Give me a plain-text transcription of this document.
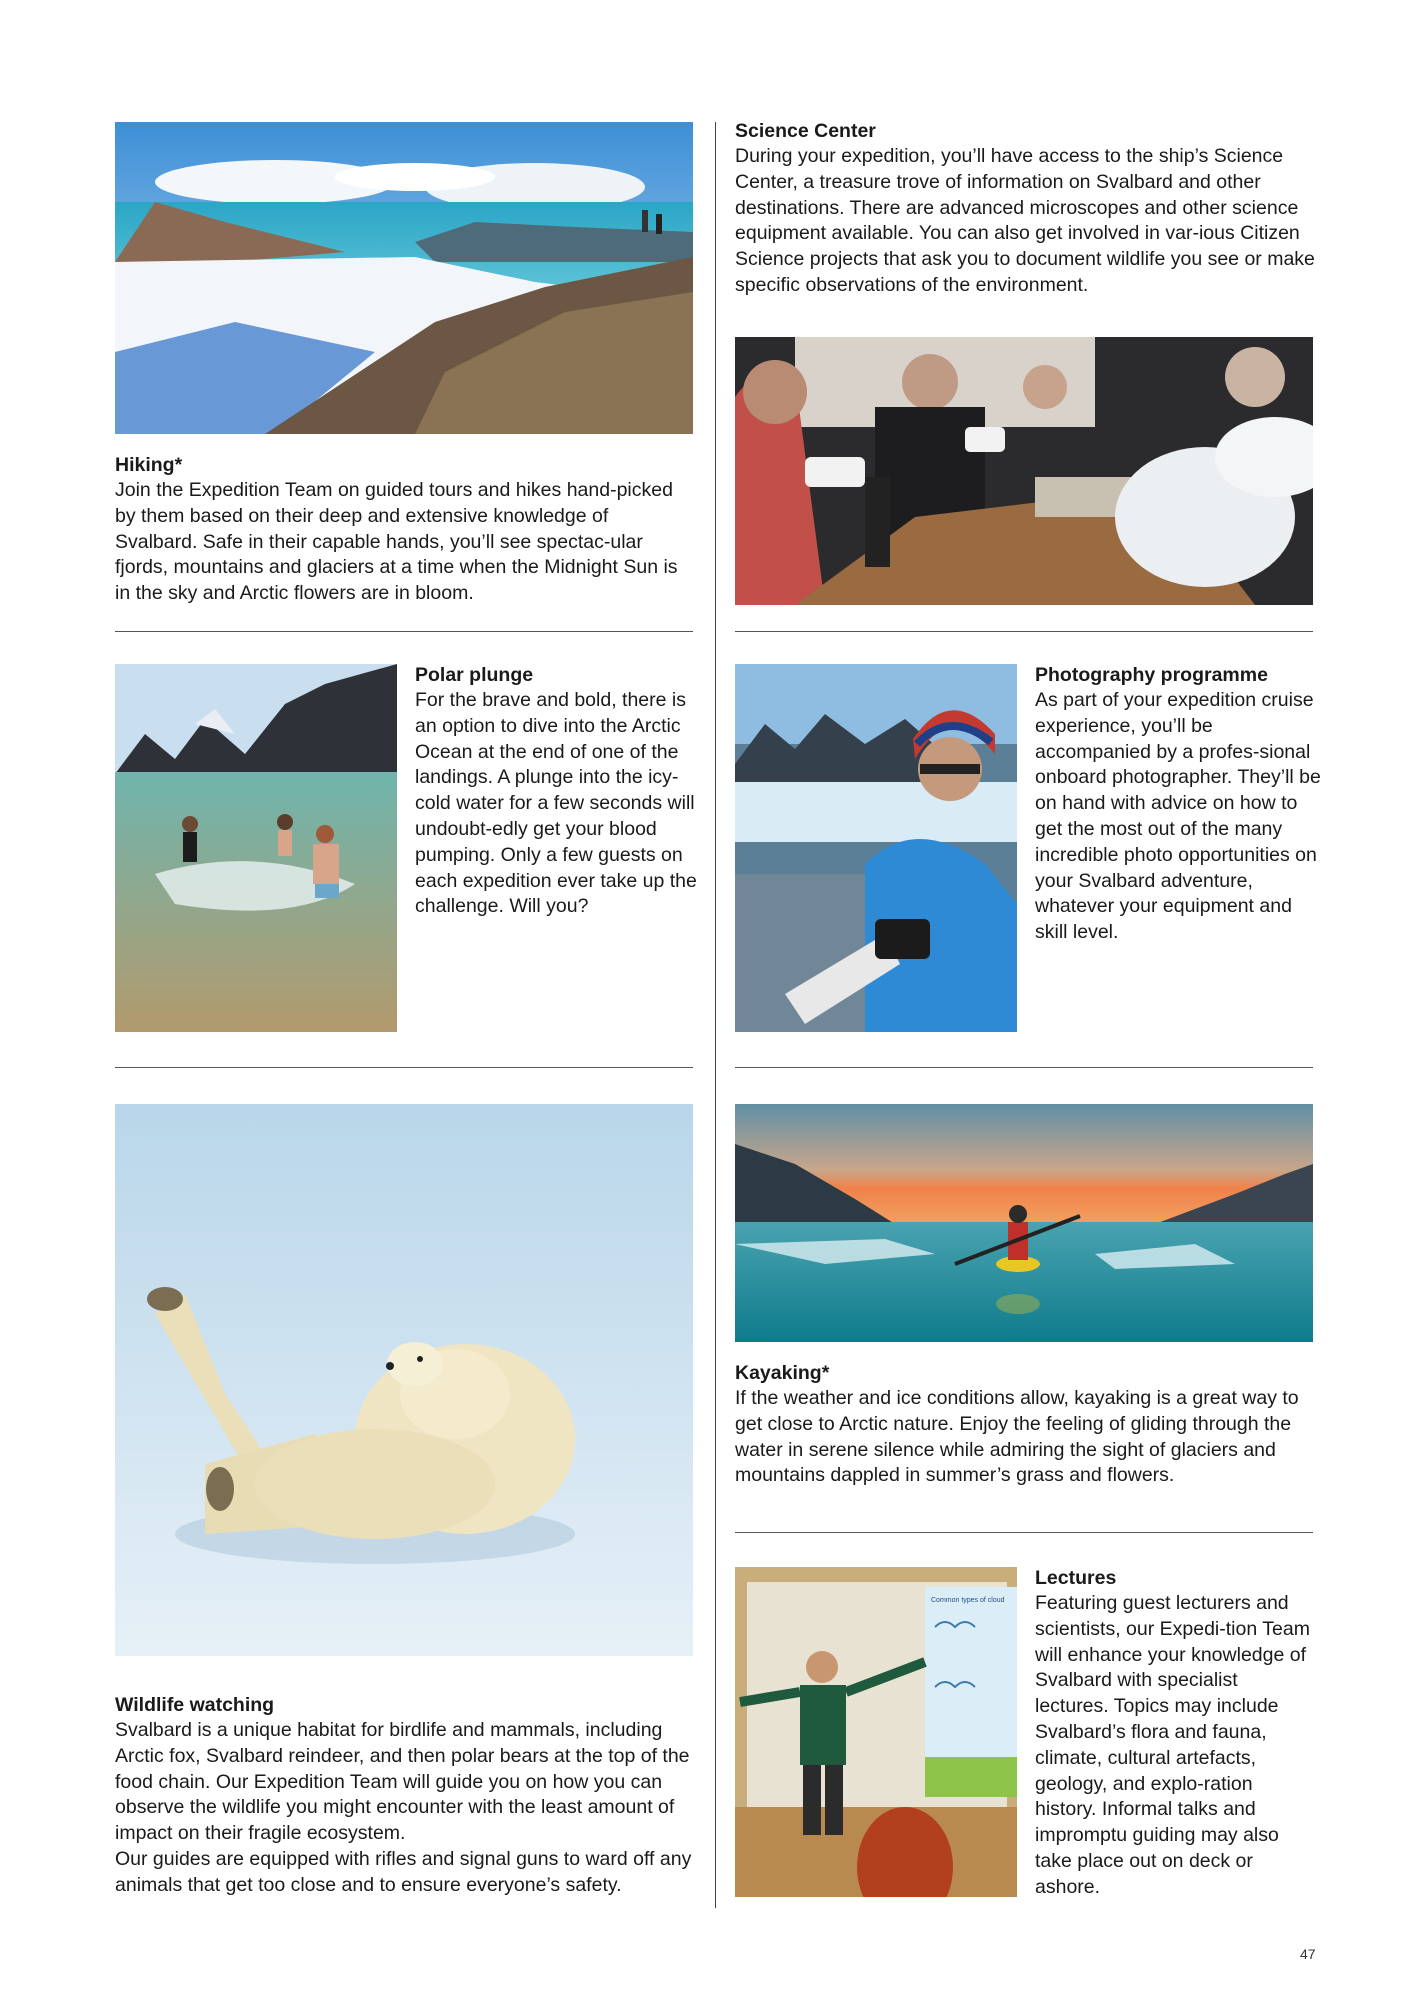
Hiking*

Join the Expedition Team on guided tours and hikes hand-picked by them based on their deep and extensive knowledge of Svalbard. Safe in their capable hands, you’ll see spectac-ular fjords, mountains and glaciers at a time when the Midnight Sun is in the sky and Arctic flowers are in bloom.

Polar plunge

For the brave and bold, there is an option to dive into the Arctic Ocean at the end of one of the landings. A plunge into the icy-cold water for a few seconds will undoubt-edly get your blood pumping. Only a few guests on each expedition ever take up the challenge. Will you?

Wildlife watching

Svalbard is a unique habitat for birdlife and mammals, including Arctic fox, Svalbard reindeer, and then polar bears at the top of the food chain. Our Expedition Team will guide you on how you can observe the wildlife you might encounter with the least amount of impact on their fragile ecosystem.

Our guides are equipped with rifles and signal guns to ward off any animals that get too close and to ensure everyone’s safety.

Science Center

During your expedition, you’ll have access to the ship’s Science Center, a treasure trove of information on Svalbard and other destinations. There are advanced microscopes and other science equipment available. You can also get involved in var-ious Citizen Science projects that ask you to document wildlife you see or make specific observations of the environment.

Photography programme

As part of your expedition cruise experience, you’ll be accompanied by a profes-sional onboard photographer. They’ll be on hand with advice on how to get the most out of the many incredible photo opportunities on your Svalbard adventure, whatever your equipment and skill level.

Kayaking*

If the weather and ice conditions allow, kayaking is a great way to get close to Arctic nature. Enjoy the feeling of gliding through the water in serene silence while admiring the sight of glaciers and mountains dappled in summer’s grass and flowers.

Common types of cloud

Lectures

Featuring guest lecturers and scientists, our Expedi-tion Team will enhance your knowledge of Svalbard with specialist lectures. Topics may include Svalbard’s flora and fauna, climate, cultural artefacts, geology, and explo-ration history. Informal talks and impromptu guiding may also take place out on deck or ashore.

47
